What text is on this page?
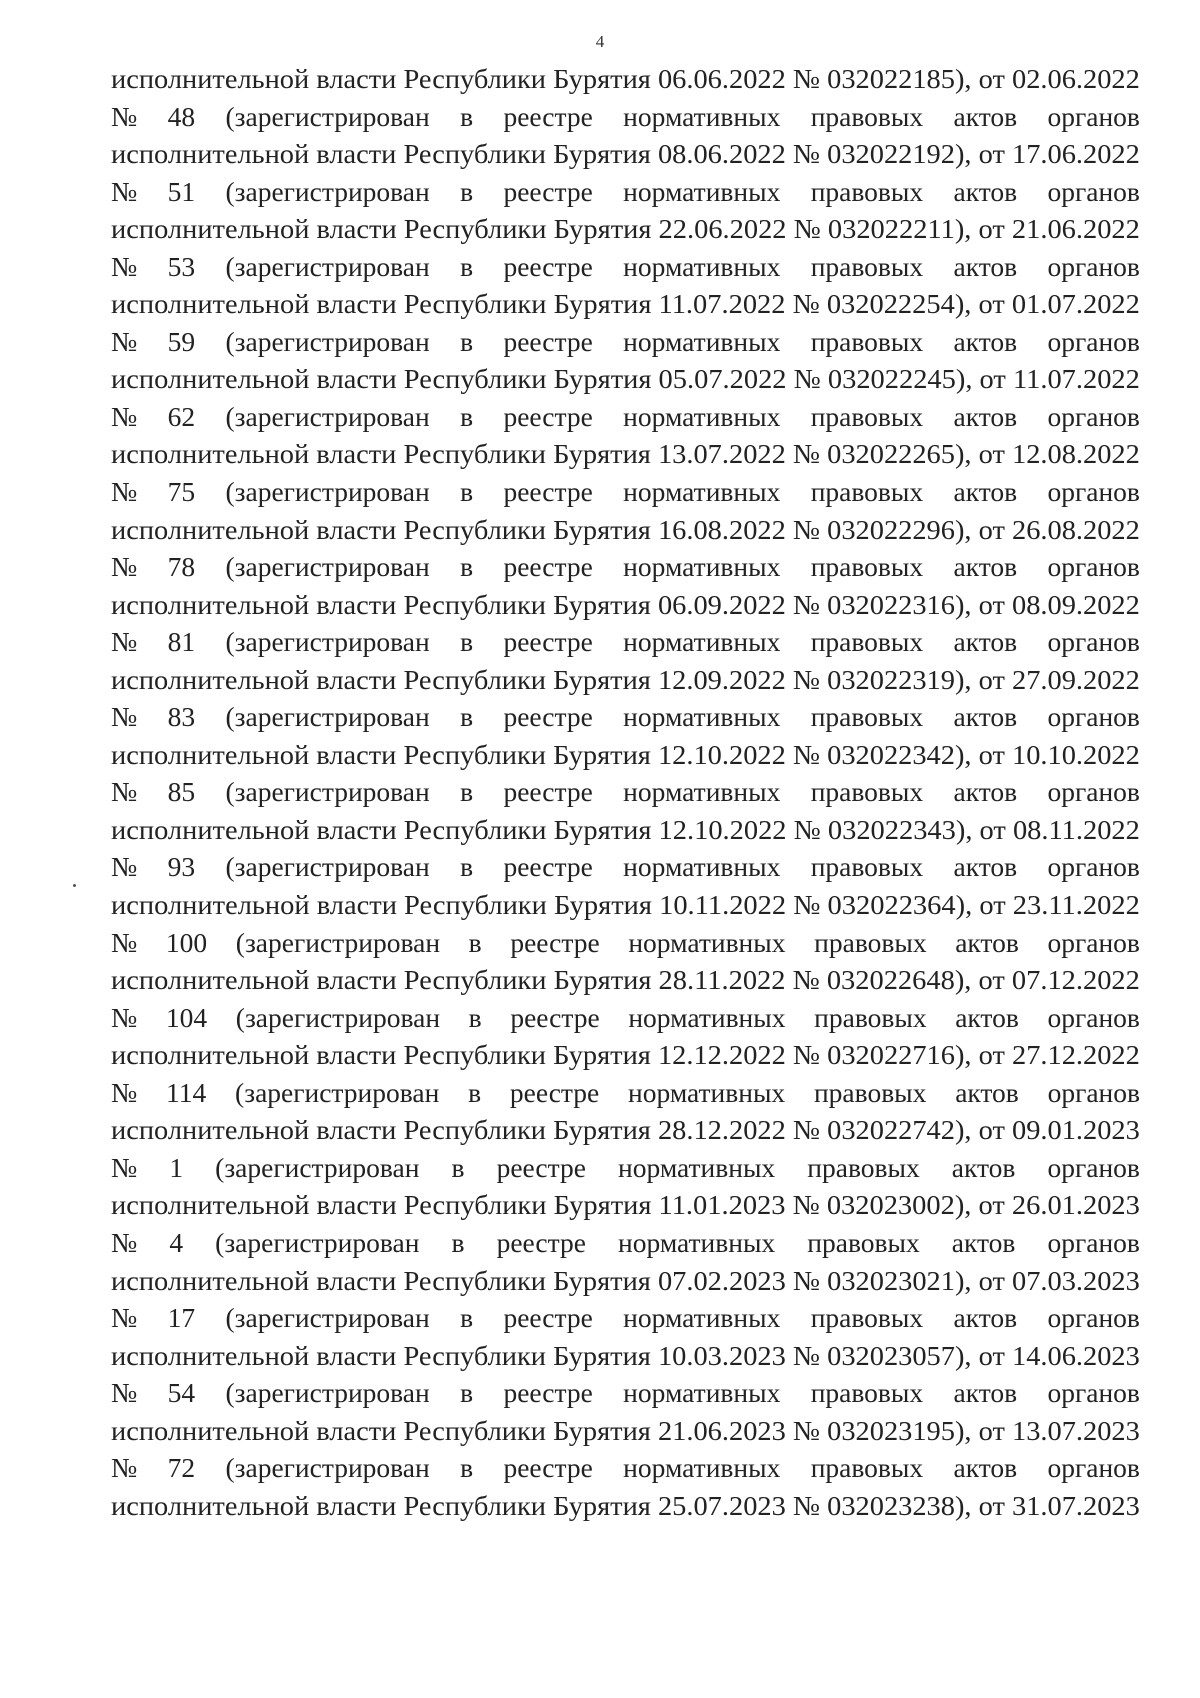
4
исполнительной власти Республики Бурятия 06.06.2022 № 032022185), от 02.06.2022
№ 48 (зарегистрирован в реестре нормативных правовых актов органов
исполнительной власти Республики Бурятия 08.06.2022 № 032022192), от 17.06.2022
№ 51 (зарегистрирован в реестре нормативных правовых актов органов
исполнительной власти Республики Бурятия 22.06.2022 № 032022211), от 21.06.2022
№ 53 (зарегистрирован в реестре нормативных правовых актов органов
исполнительной власти Республики Бурятия 11.07.2022 № 032022254), от 01.07.2022
№ 59 (зарегистрирован в реестре нормативных правовых актов органов
исполнительной власти Республики Бурятия 05.07.2022 № 032022245), от 11.07.2022
№ 62 (зарегистрирован в реестре нормативных правовых актов органов
исполнительной власти Республики Бурятия 13.07.2022 № 032022265), от 12.08.2022
№ 75 (зарегистрирован в реестре нормативных правовых актов органов
исполнительной власти Республики Бурятия 16.08.2022 № 032022296), от 26.08.2022
№ 78 (зарегистрирован в реестре нормативных правовых актов органов
исполнительной власти Республики Бурятия 06.09.2022 № 032022316), от 08.09.2022
№ 81 (зарегистрирован в реестре нормативных правовых актов органов
исполнительной власти Республики Бурятия 12.09.2022 № 032022319), от 27.09.2022
№ 83 (зарегистрирован в реестре нормативных правовых актов органов
исполнительной власти Республики Бурятия 12.10.2022 № 032022342), от 10.10.2022
№ 85 (зарегистрирован в реестре нормативных правовых актов органов
исполнительной власти Республики Бурятия 12.10.2022 № 032022343), от 08.11.2022
№ 93 (зарегистрирован в реестре нормативных правовых актов органов
исполнительной власти Республики Бурятия 10.11.2022 № 032022364), от 23.11.2022
№ 100 (зарегистрирован в реестре нормативных правовых актов органов
исполнительной власти Республики Бурятия 28.11.2022 № 032022648), от 07.12.2022
№ 104 (зарегистрирован в реестре нормативных правовых актов органов
исполнительной власти Республики Бурятия 12.12.2022 № 032022716), от 27.12.2022
№ 114 (зарегистрирован в реестре нормативных правовых актов органов
исполнительной власти Республики Бурятия 28.12.2022 № 032022742), от 09.01.2023
№ 1 (зарегистрирован в реестре нормативных правовых актов органов
исполнительной власти Республики Бурятия 11.01.2023 № 032023002), от 26.01.2023
№ 4 (зарегистрирован в реестре нормативных правовых актов органов
исполнительной власти Республики Бурятия 07.02.2023 № 032023021), от 07.03.2023
№ 17 (зарегистрирован в реестре нормативных правовых актов органов
исполнительной власти Республики Бурятия 10.03.2023 № 032023057), от 14.06.2023
№ 54 (зарегистрирован в реестре нормативных правовых актов органов
исполнительной власти Республики Бурятия 21.06.2023 № 032023195), от 13.07.2023
№ 72 (зарегистрирован в реестре нормативных правовых актов органов
исполнительной власти Республики Бурятия 25.07.2023 № 032023238), от 31.07.2023
